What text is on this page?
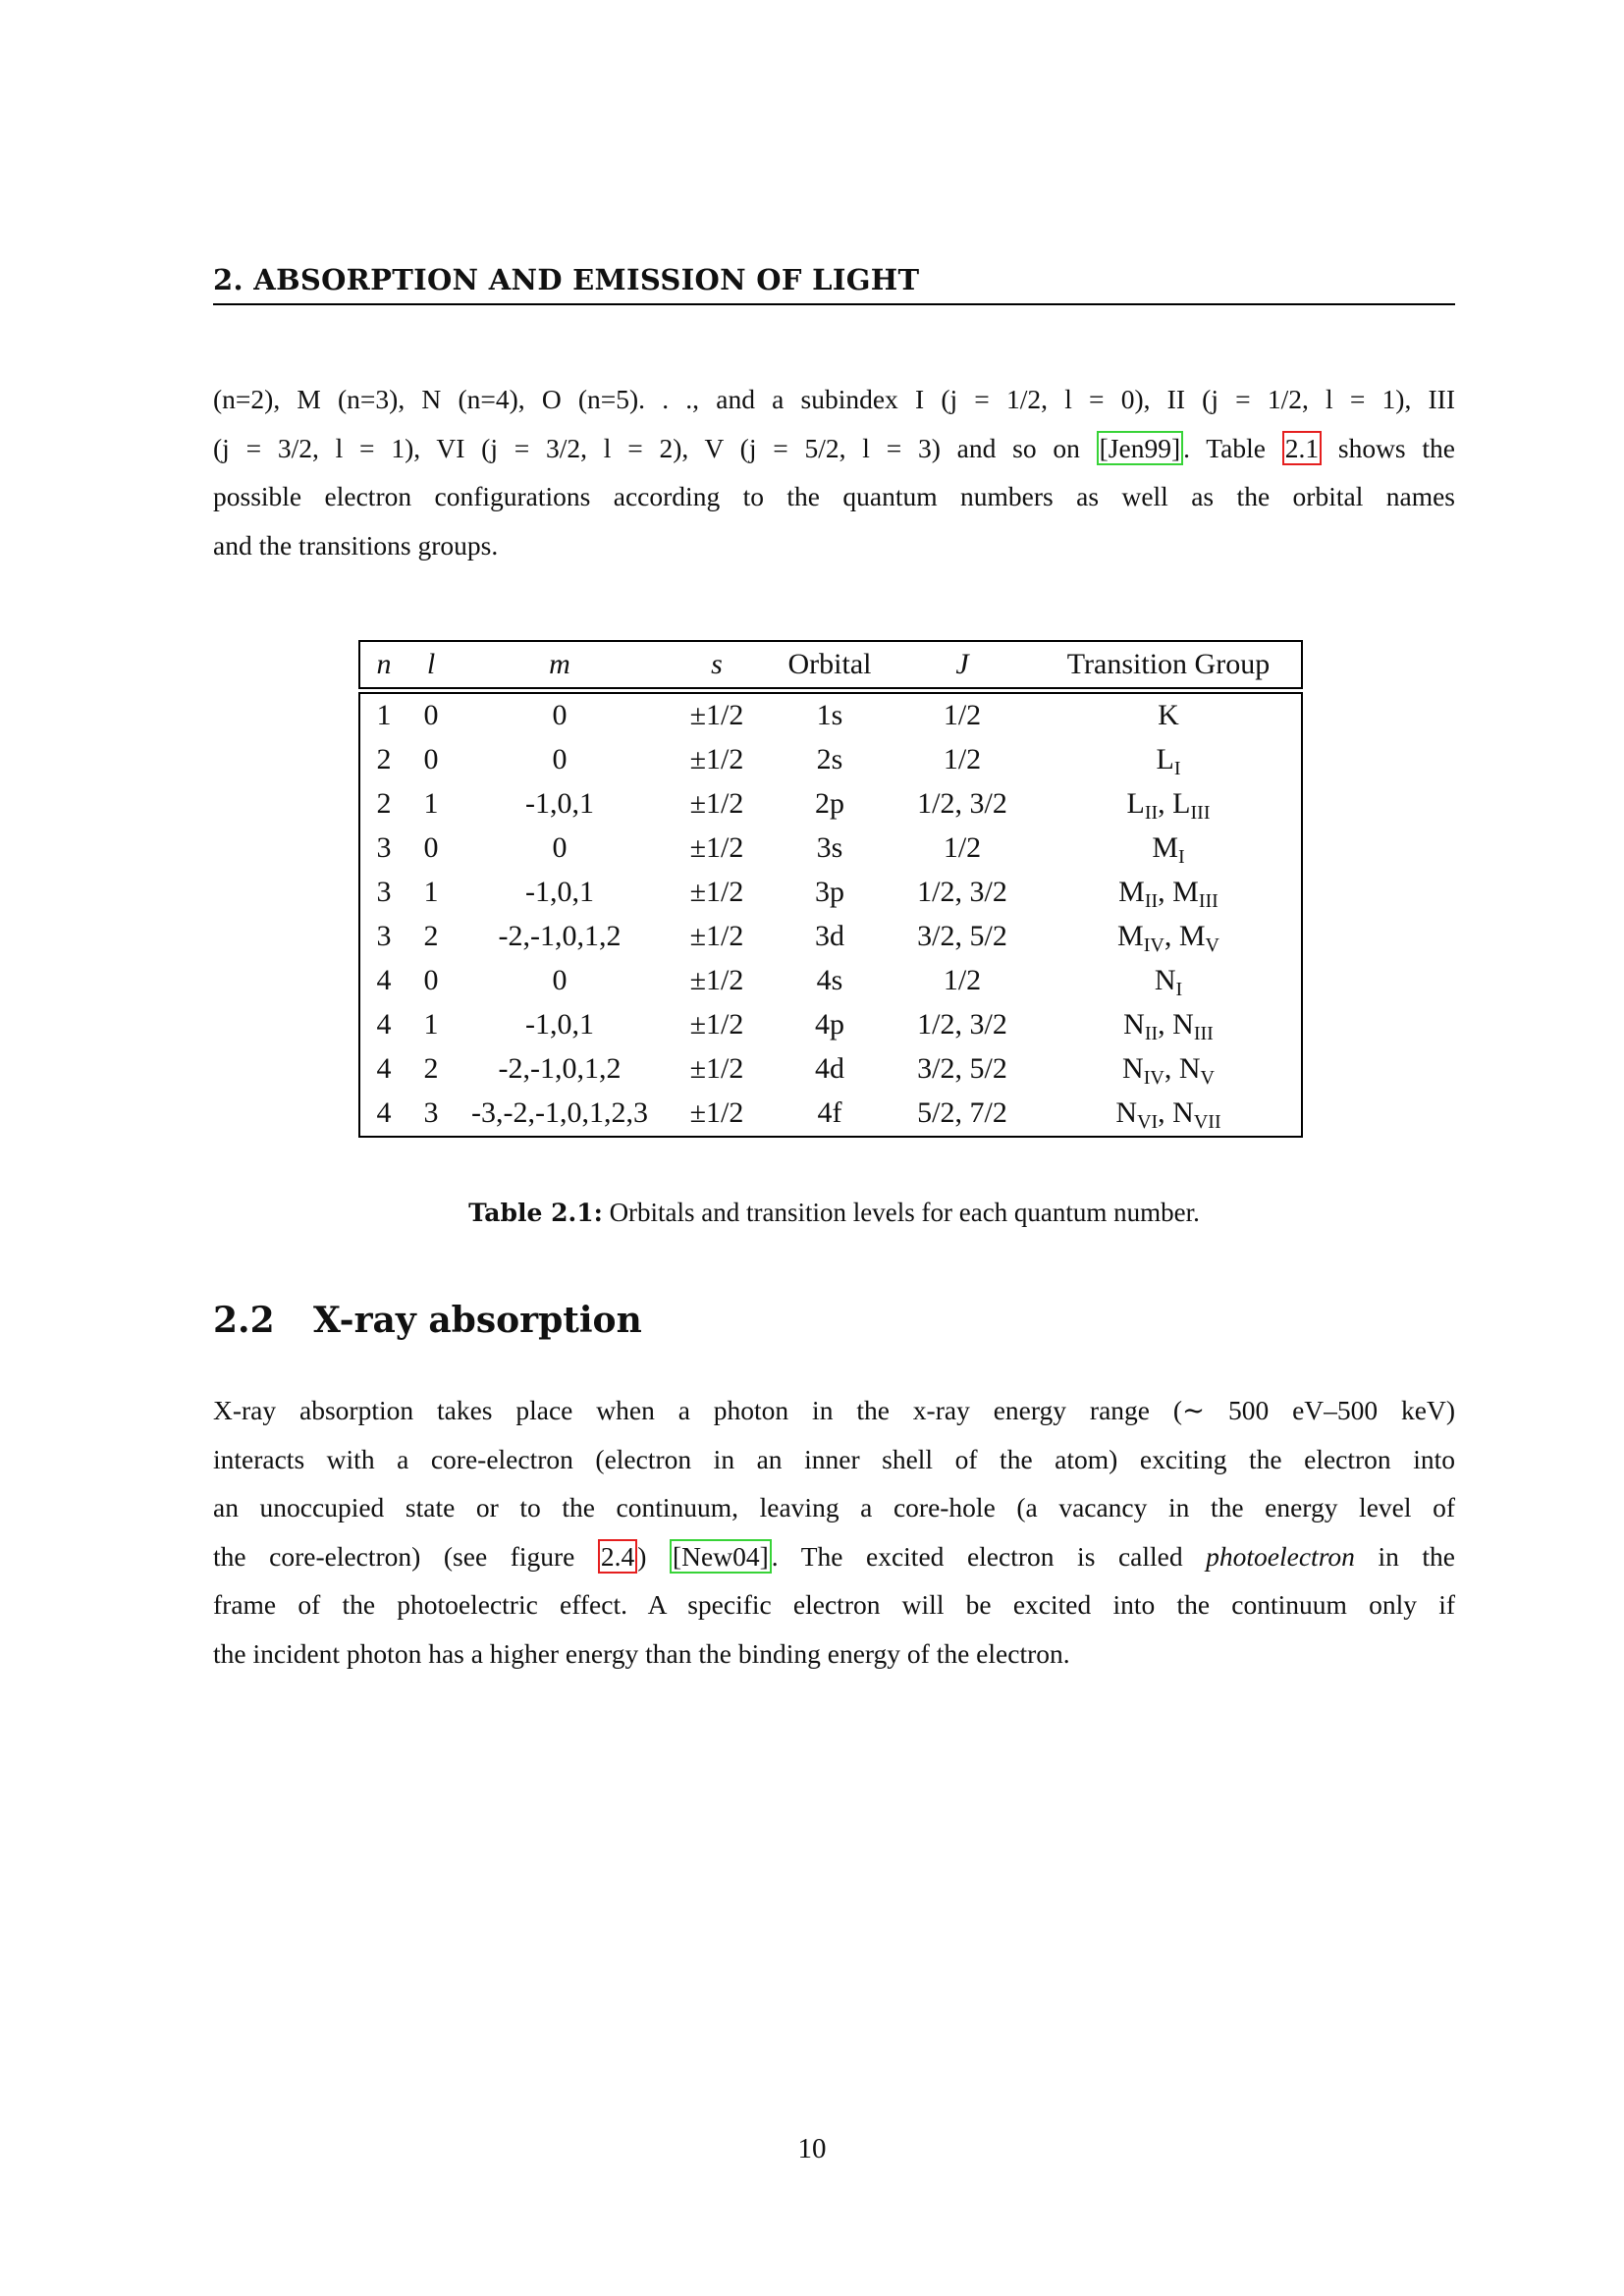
2. ABSORPTION AND EMISSION OF LIGHT
(n=2), M (n=3), N (n=4), O (n=5). . ., and a subindex I (j = 1/2, l = 0), II (j = 1/2, l = 1), III
(j = 3/2, l = 1), VI (j = 3/2, l = 2), V (j = 5/2, l = 3) and so on [Jen99] . Table 2.1 shows the
possible electron configurations according to the quantum numbers as well as the orbital names
and the transitions groups.
n	l	m	s	Orbital	J	Transition Group
1 0	0	±1/2	1s	1/2	K
2 0	0	±1/2	2s	1/2	$L_I$
2 1	-1,0,1	±1/2	2p	1/2, 3/2	$L_{II}$, $L_{III}$
3 0	0	±1/2	3s	1/2	$M_I$
3 1	-1,0,1	±1/2	3p	1/2, 3/2	$M_{II}$, $M_{III}$
3 2	-2,-1,0,1,2	±1/2	3d	3/2, 5/2	$M_{IV}$, $M_V$
4 0	0	±1/2	4s	1/2	$N_I$
4 1	-1,0,1	±1/2	4p	1/2, 3/2	$N_{II}$, $N_{III}$
4 2	-2,-1,0,1,2	±1/2	4d	3/2, 5/2	$N_{IV}$, $N_V$
4 3	-3,-2,-1,0,1,2,3	±1/2	4f	5/2, 7/2	$N_{VI}$, $N_{VII}$
Table 2.1: Orbitals and transition levels for each quantum number.
2.2 X-ray absorption
X-ray absorption takes place when a photon in the x-ray energy range (∼ 500 eV–500 keV)
interacts with a core-electron (electron in an inner shell of the atom) exciting the electron into
an unoccupied state or to the continuum, leaving a core-hole (a vacancy in the energy level of
the core-electron) (see figure 2.4 ) [New04] . The excited electron is called photoelectron in the
frame of the photoelectric effect. A specific electron will be excited into the continuum only if
the incident photon has a higher energy than the binding energy of the electron.
10
